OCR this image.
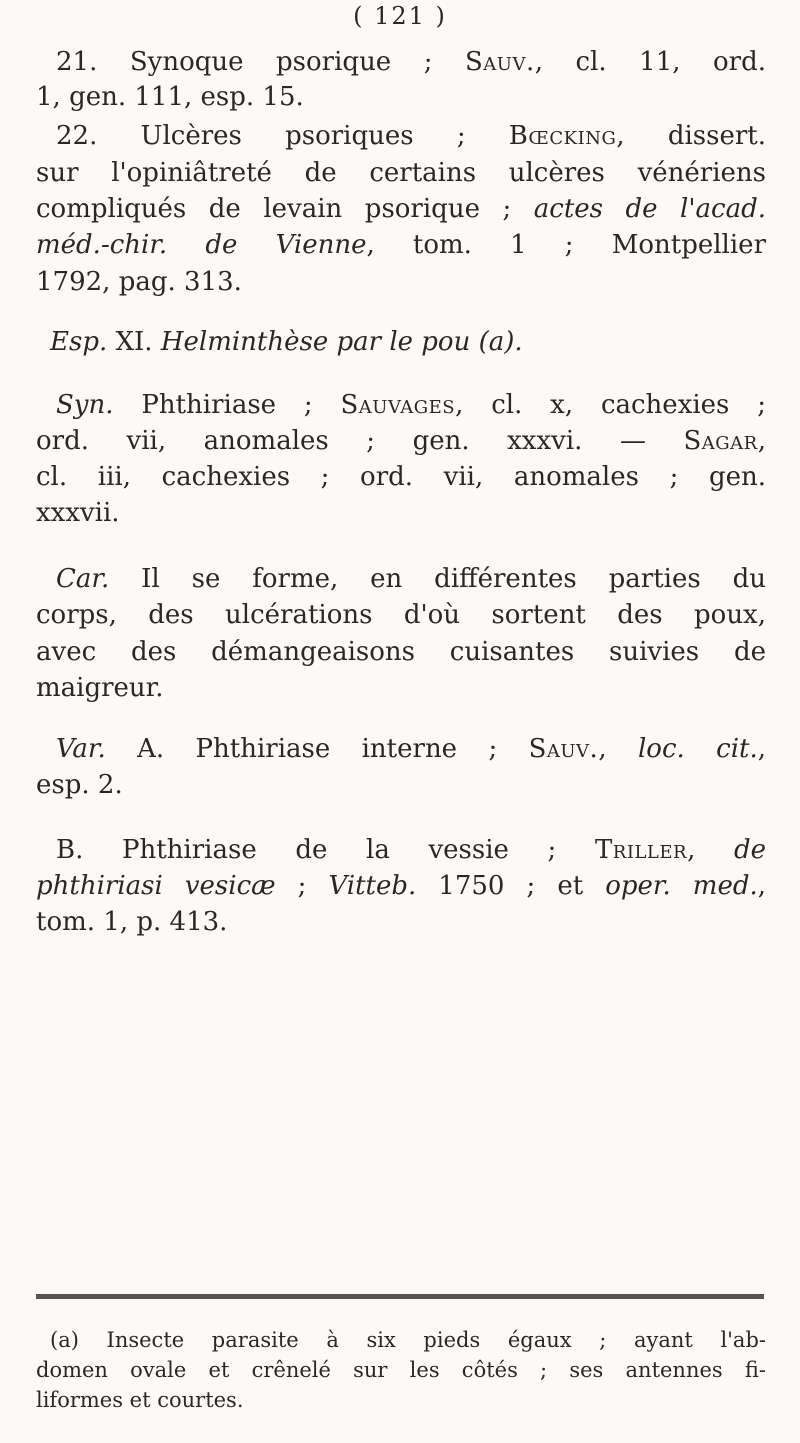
( 121 )
21. Synoque psorique ; Sauv., cl. 11, ord.
1, gen. 111, esp. 15.
22. Ulcères psoriques ; Bœcking, dissert.
sur l'opiniâtreté de certains ulcères vénériens
compliqués de levain psorique ; actes de l'acad.
méd.-chir. de Vienne, tom. 1 ; Montpellier
1792, pag. 313.
Esp. XI. Helminthèse par le pou (a).
Syn. Phthiriase ; Sauvages, cl. x, cachexies ;
ord. vii, anomales ; gen. xxxvi. — Sagar,
cl. iii, cachexies ; ord. vii, anomales ; gen.
xxxvii.
Car. Il se forme, en différentes parties du
corps, des ulcérations d'où sortent des poux,
avec des démangeaisons cuisantes suivies de
maigreur.
Var. A. Phthiriase interne ; Sauv., loc. cit.,
esp. 2.
B. Phthiriase de la vessie ; Triller, de
phthiriasi vesicæ ; Vitteb. 1750 ; et oper. med.,
tom. 1, p. 413.
(a) Insecte parasite à six pieds égaux ; ayant l'ab-
domen ovale et crênelé sur les côtés ; ses antennes fi-
liformes et courtes.
